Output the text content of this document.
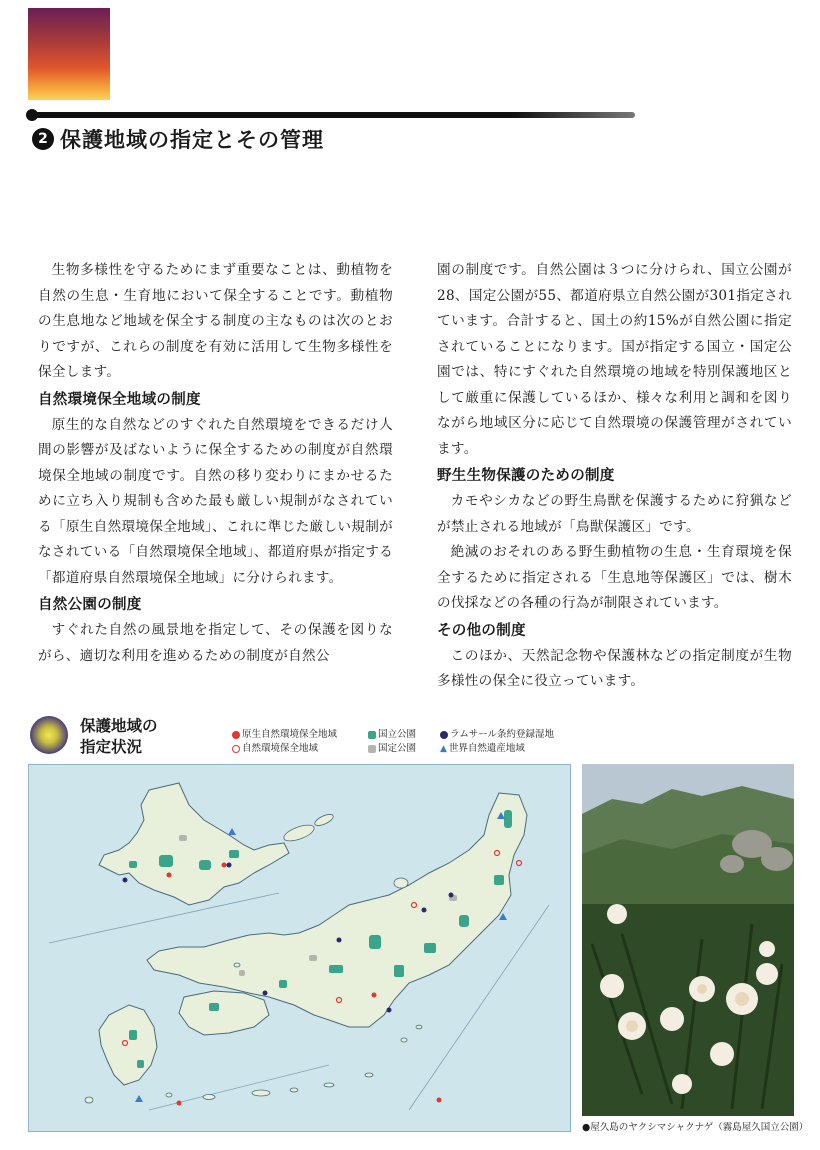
2 保護地域の指定とその管理

生物多様性を守るためにまず重要なことは、動植物を自然の生息・生育地において保全することです。動植物の生息地など地域を保全する制度の主なものは次のとおりですが、これらの制度を有効に活用して生物多様性を保全します。

自然環境保全地域の制度

原生的な自然などのすぐれた自然環境をできるだけ人間の影響が及ばないように保全するための制度が自然環境保全地域の制度です。自然の移り変わりにまかせるために立ち入り規制も含めた最も厳しい規制がなされている「原生自然環境保全地域」、これに準じた厳しい規制がなされている「自然環境保全地域」、都道府県が指定する「都道府県自然環境保全地域」に分けられます。

自然公園の制度

すぐれた自然の風景地を指定して、その保護を図りながら、適切な利用を進めるための制度が自然公

園の制度です。自然公園は３つに分けられ、国立公園が28、国定公園が55、都道府県立自然公園が301指定されています。合計すると、国土の約15%が自然公園に指定されていることになります。国が指定する国立・国定公園では、特にすぐれた自然環境の地域を特別保護地区として厳重に保護しているほか、様々な利用と調和を図りながら地域区分に応じて自然環境の保護管理がされています。

野生生物保護のための制度

カモやシカなどの野生鳥獣を保護するために狩猟などが禁止される地域が「鳥獣保護区」です。

絶滅のおそれのある野生動植物の生息・生育環境を保全するために指定される「生息地等保護区」では、樹木の伐採などの各種の行為が制限されています。

その他の制度

このほか、天然記念物や保護林などの指定制度が生物多様性の保全に役立っています。

保護地域の
指定状況
原生自然環境保全地域
自然環境保全地域
国立公園
国定公園
ラムサール条約登録湿地
▲ 世界自然遺産地域
●屋久島のヤクシマシャクナゲ（霧島屋久国立公園）
